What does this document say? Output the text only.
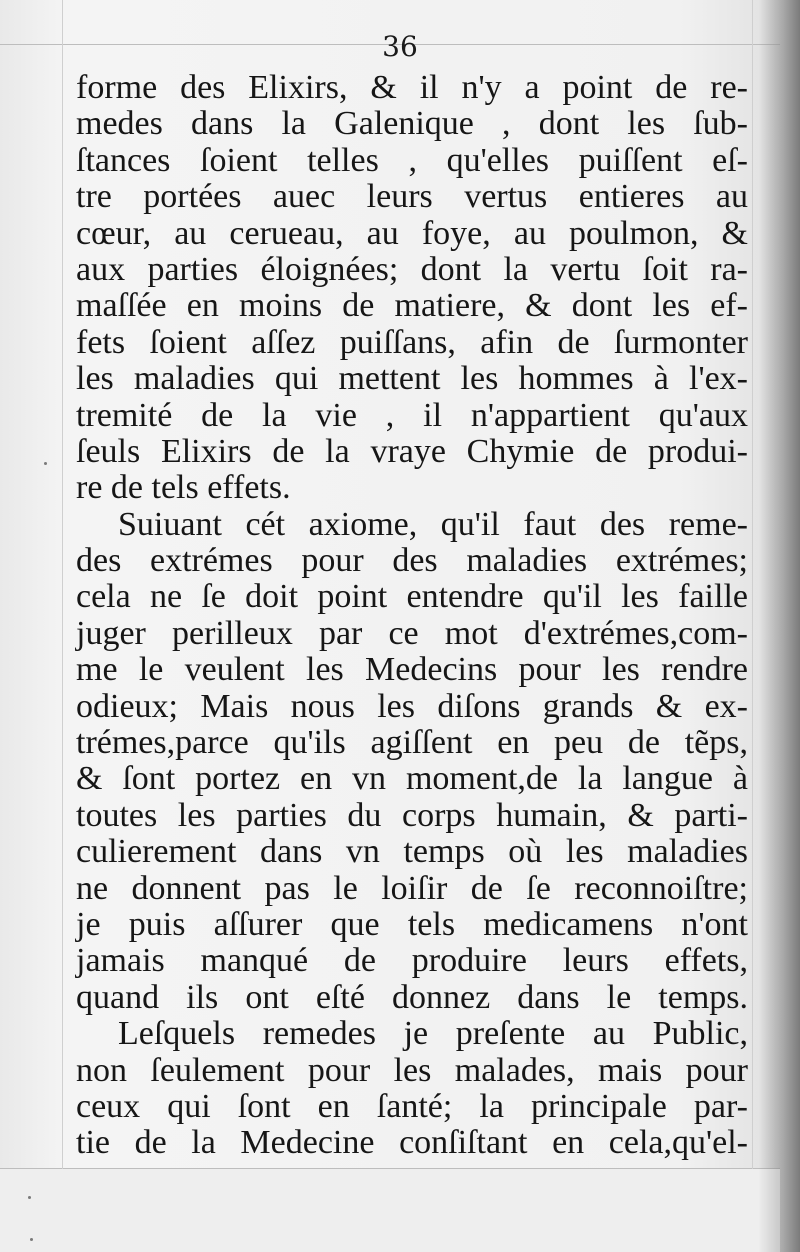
36
forme des Elixirs, & il n'y a point de re-
medes dans la Galenique , dont les ſub-
ſtances ſoient telles , qu'elles puiſſent eſ-
tre portées auec leurs vertus entieres au
cœur, au cerueau, au foye, au poulmon, &
aux parties éloignées; dont la vertu ſoit ra-
maſſée en moins de matiere, & dont les ef-
fets ſoient aſſez puiſſans, afin de ſurmonter
les maladies qui mettent les hommes à l'ex-
tremité de la vie , il n'appartient qu'aux
ſeuls Elixirs de la vraye Chymie de produi-
re de tels effets.
Suiuant cét axiome, qu'il faut des reme-
des extrémes pour des maladies extrémes;
cela ne ſe doit point entendre qu'il les faille
juger perilleux par ce mot d'extrémes,com-
me le veulent les Medecins pour les rendre
odieux; Mais nous les diſons grands & ex-
trémes,parce qu'ils agiſſent en peu de tẽps,
& ſont portez en vn moment,de la langue à
toutes les parties du corps humain, & parti-
culierement dans vn temps où les maladies
ne donnent pas le loiſir de ſe reconnoiſtre;
je puis aſſurer que tels medicamens n'ont
jamais manqué de produire leurs effets,
quand ils ont eſté donnez dans le temps.
Leſquels remedes je preſente au Public,
non ſeulement pour les malades, mais pour
ceux qui ſont en ſanté; la principale par-
tie de la Medecine conſiſtant en cela,qu'el-
